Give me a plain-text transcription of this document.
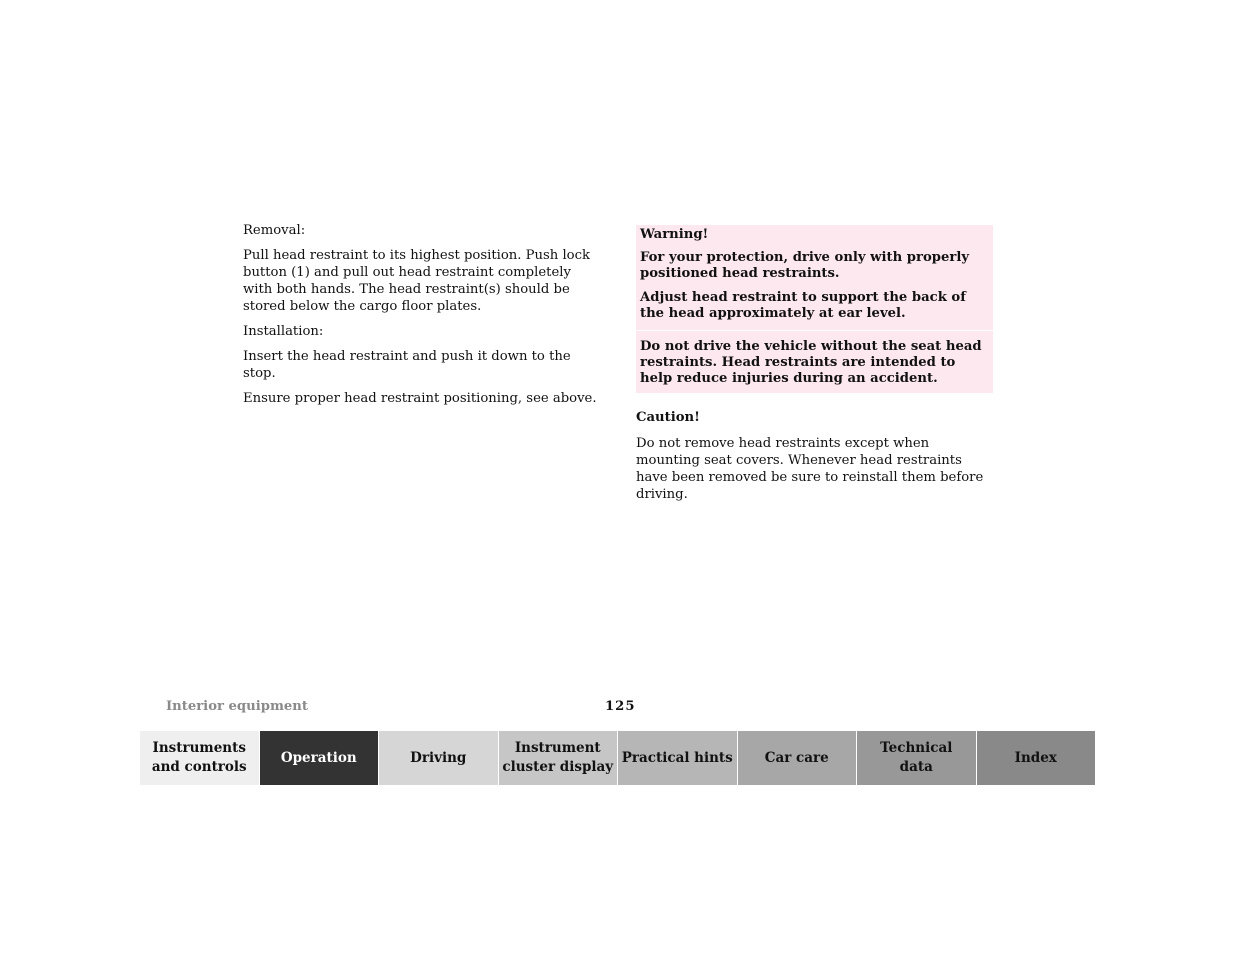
Removal:

Pull head restraint to its highest position. Push lock button (1) and pull out head restraint completely with both hands. The head restraint(s) should be stored below the cargo floor plates.

Installation:

Insert the head restraint and push it down to the stop.

Ensure proper head restraint positioning, see above.

Warning!

For your protection, drive only with properly positioned head restraints.

Adjust head restraint to support the back of the head approximately at ear level.

Do not drive the vehicle without the seat head restraints. Head restraints are intended to help reduce injuries during an accident.

Caution!

Do not remove head restraints except when mounting seat covers. Whenever head restraints have been removed be sure to reinstall them before driving.

Interior equipment	125
Instruments
and controls
Operation	Driving
Instrument
cluster display
Practical hints Car care
Technical
data
Index
